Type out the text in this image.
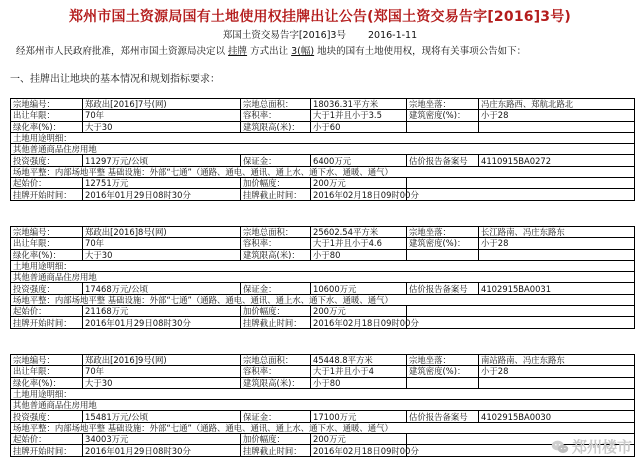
郑州市国土资源局国有土地使用权挂牌出让公告(郑国土资交易告字[2016]3号)
郑国土资交易告字[2016]3号 2016-1-11
经郑州市人民政府批准，郑州市国土资源局决定以 挂牌 方式出让 3(幅) 地块的国有土地使用权，现将有关事项公告如下：
一、挂牌出让地块的基本情况和规划指标要求：
宗地编号：	郑政出[2016]7号(网)	宗地总面积：	18036.31平方米	宗地坐落：	冯庄东路西、郑航北路北
出让年限：	70年	容积率：	大于1并且小于3.5	建筑密度(%)：	小于28
绿化率(%)：	大于30	建筑限高(米)：	小于60		
土地用途明细：					
其他普通商品住房用地					
投资强度：	11297万元/公顷	保证金：	6400万元	估价报告备案号	4110915BA0272
场地平整：内部场地平整 基础设施：外部“七通”（通路、通电、通讯、通上水、通下水、通暖、通气）					
起始价：	12751万元	加价幅度：	200万元		
挂牌开始时间：	2016年01月29日08时30分	挂牌截止时间：	2016年02月18日09时00分		
宗地编号：	郑政出[2016]8号(网)	宗地总面积：	25602.54平方米	宗地坐落：	长江路南、冯庄东路东
出让年限：	70年	容积率：	大于1并且小于4.6	建筑密度(%)：	小于28
绿化率(%)：	大于30	建筑限高(米)：	小于80		
土地用途明细：					
其他普通商品住房用地					
投资强度：	17468万元/公顷	保证金：	10600万元	估价报告备案号	4102915BA0031
场地平整：内部场地平整 基础设施：外部“七通”（通路、通电、通讯、通上水、通下水、通暖、通气）					
起始价：	21168万元	加价幅度：	200万元		
挂牌开始时间：	2016年01月29日08时30分	挂牌截止时间：	2016年02月18日09时00分		
宗地编号：	郑政出[2016]9号(网)	宗地总面积：	45448.8平方米	宗地坐落：	南站路南、冯庄东路东
出让年限：	70年	容积率：	大于1并且小于4	建筑密度(%)：	小于28
绿化率(%)：	大于30	建筑限高(米)：	小于80		
土地用途明细：					
其他普通商品住房用地					
投资强度：	15481万元/公顷	保证金：	17100万元	估价报告备案号	4102915BA0030
场地平整：内部场地平整 基础设施：外部“七通”（通路、通电、通讯、通上水、通下水、通暖、通气）					
起始价：	34003万元	加价幅度：	200万元		
挂牌开始时间：	2016年01月29日08时30分	挂牌截止时间：	2016年02月18日09时00分			郑州楼市
